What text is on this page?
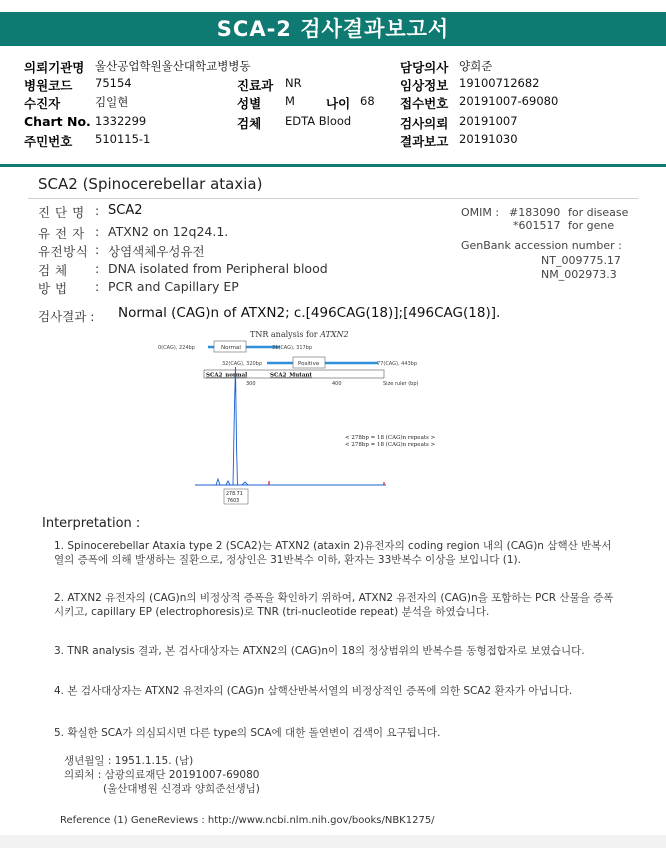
SCA-2 검사결과보고서
의뢰기관명 울산공업학원울산대학교병병동	담당의사 양희준
병원코드 75154	진료과 NR	임상정보 19100712682
수진자	김일현	성별 M 나이 68 접수번호 20191007-69080
Chart No. 1332299	검체 EDTA Blood	검사의뢰 20191007
주민번호 510115-1	결과보고 20191030
SCA2 (Spinocerebellar ataxia)
진 단 명 : SCA2
유 전 자 : ATXN2 on 12q24.1.
유전방식 : 상염색체우성유전
검 체	: DNA isolated from Peripheral blood
방 법	: PCR and Capillary EP
OMIM : #183090 for disease
*601517 for gene
GenBank accession number :
NT_009775.17
NM_002973.3
검사결과 : Normal (CAG)n of ATXN2; c.[496CAG(18)];[496CAG(18)].
TNR analysis for ATXN2
0(CAG), 224bp	Normal	31(CAG), 317bp
32(CAG), 320bp	Positive	77(CAG), 443bp
SCA2_normal	SCA2_Mutant
300	400	Size ruler (bp)
< 278bp = 18 (CAG)n repeats >
< 278bp = 18 (CAG)n repeats >
278.71
7603
Interpretation :
1. Spinocerebellar Ataxia type 2 (SCA2)는 ATXN2 (ataxin 2)유전자의 coding region 내의 (CAG)n 삼핵산 반복서열의 증폭에 의해 발생하는 질환으로, 정상인은 31반복수 이하, 환자는 33반복수 이상을 보입니다 (1).
2. ATXN2 유전자의 (CAG)n의 비정상적 증폭을 확인하기 위하여, ATXN2 유전자의 (CAG)n을 포함하는 PCR 산물을 증폭시키고, capillary EP (electrophoresis)로 TNR (tri-nucleotide repeat) 분석을 하였습니다.
3. TNR analysis 결과, 본 검사대상자는 ATXN2의 (CAG)n이 18의 정상범위의 반복수를 동형접합자로 보였습니다.
4. 본 검사대상자는 ATXN2 유전자의 (CAG)n 삼핵산반복서열의 비정상적인 증폭에 의한 SCA2 환자가 아닙니다.
5. 확실한 SCA가 의심되시면 다른 type의 SCA에 대한 돌연변이 검색이 요구됩니다.
생년월일 : 1951.1.15. (남)
의뢰처 : 삼광의료재단 20191007-69080
(울산대병원 신경과 양희준선생님)
Reference (1) GeneReviews : http://www.ncbi.nlm.nih.gov/books/NBK1275/
